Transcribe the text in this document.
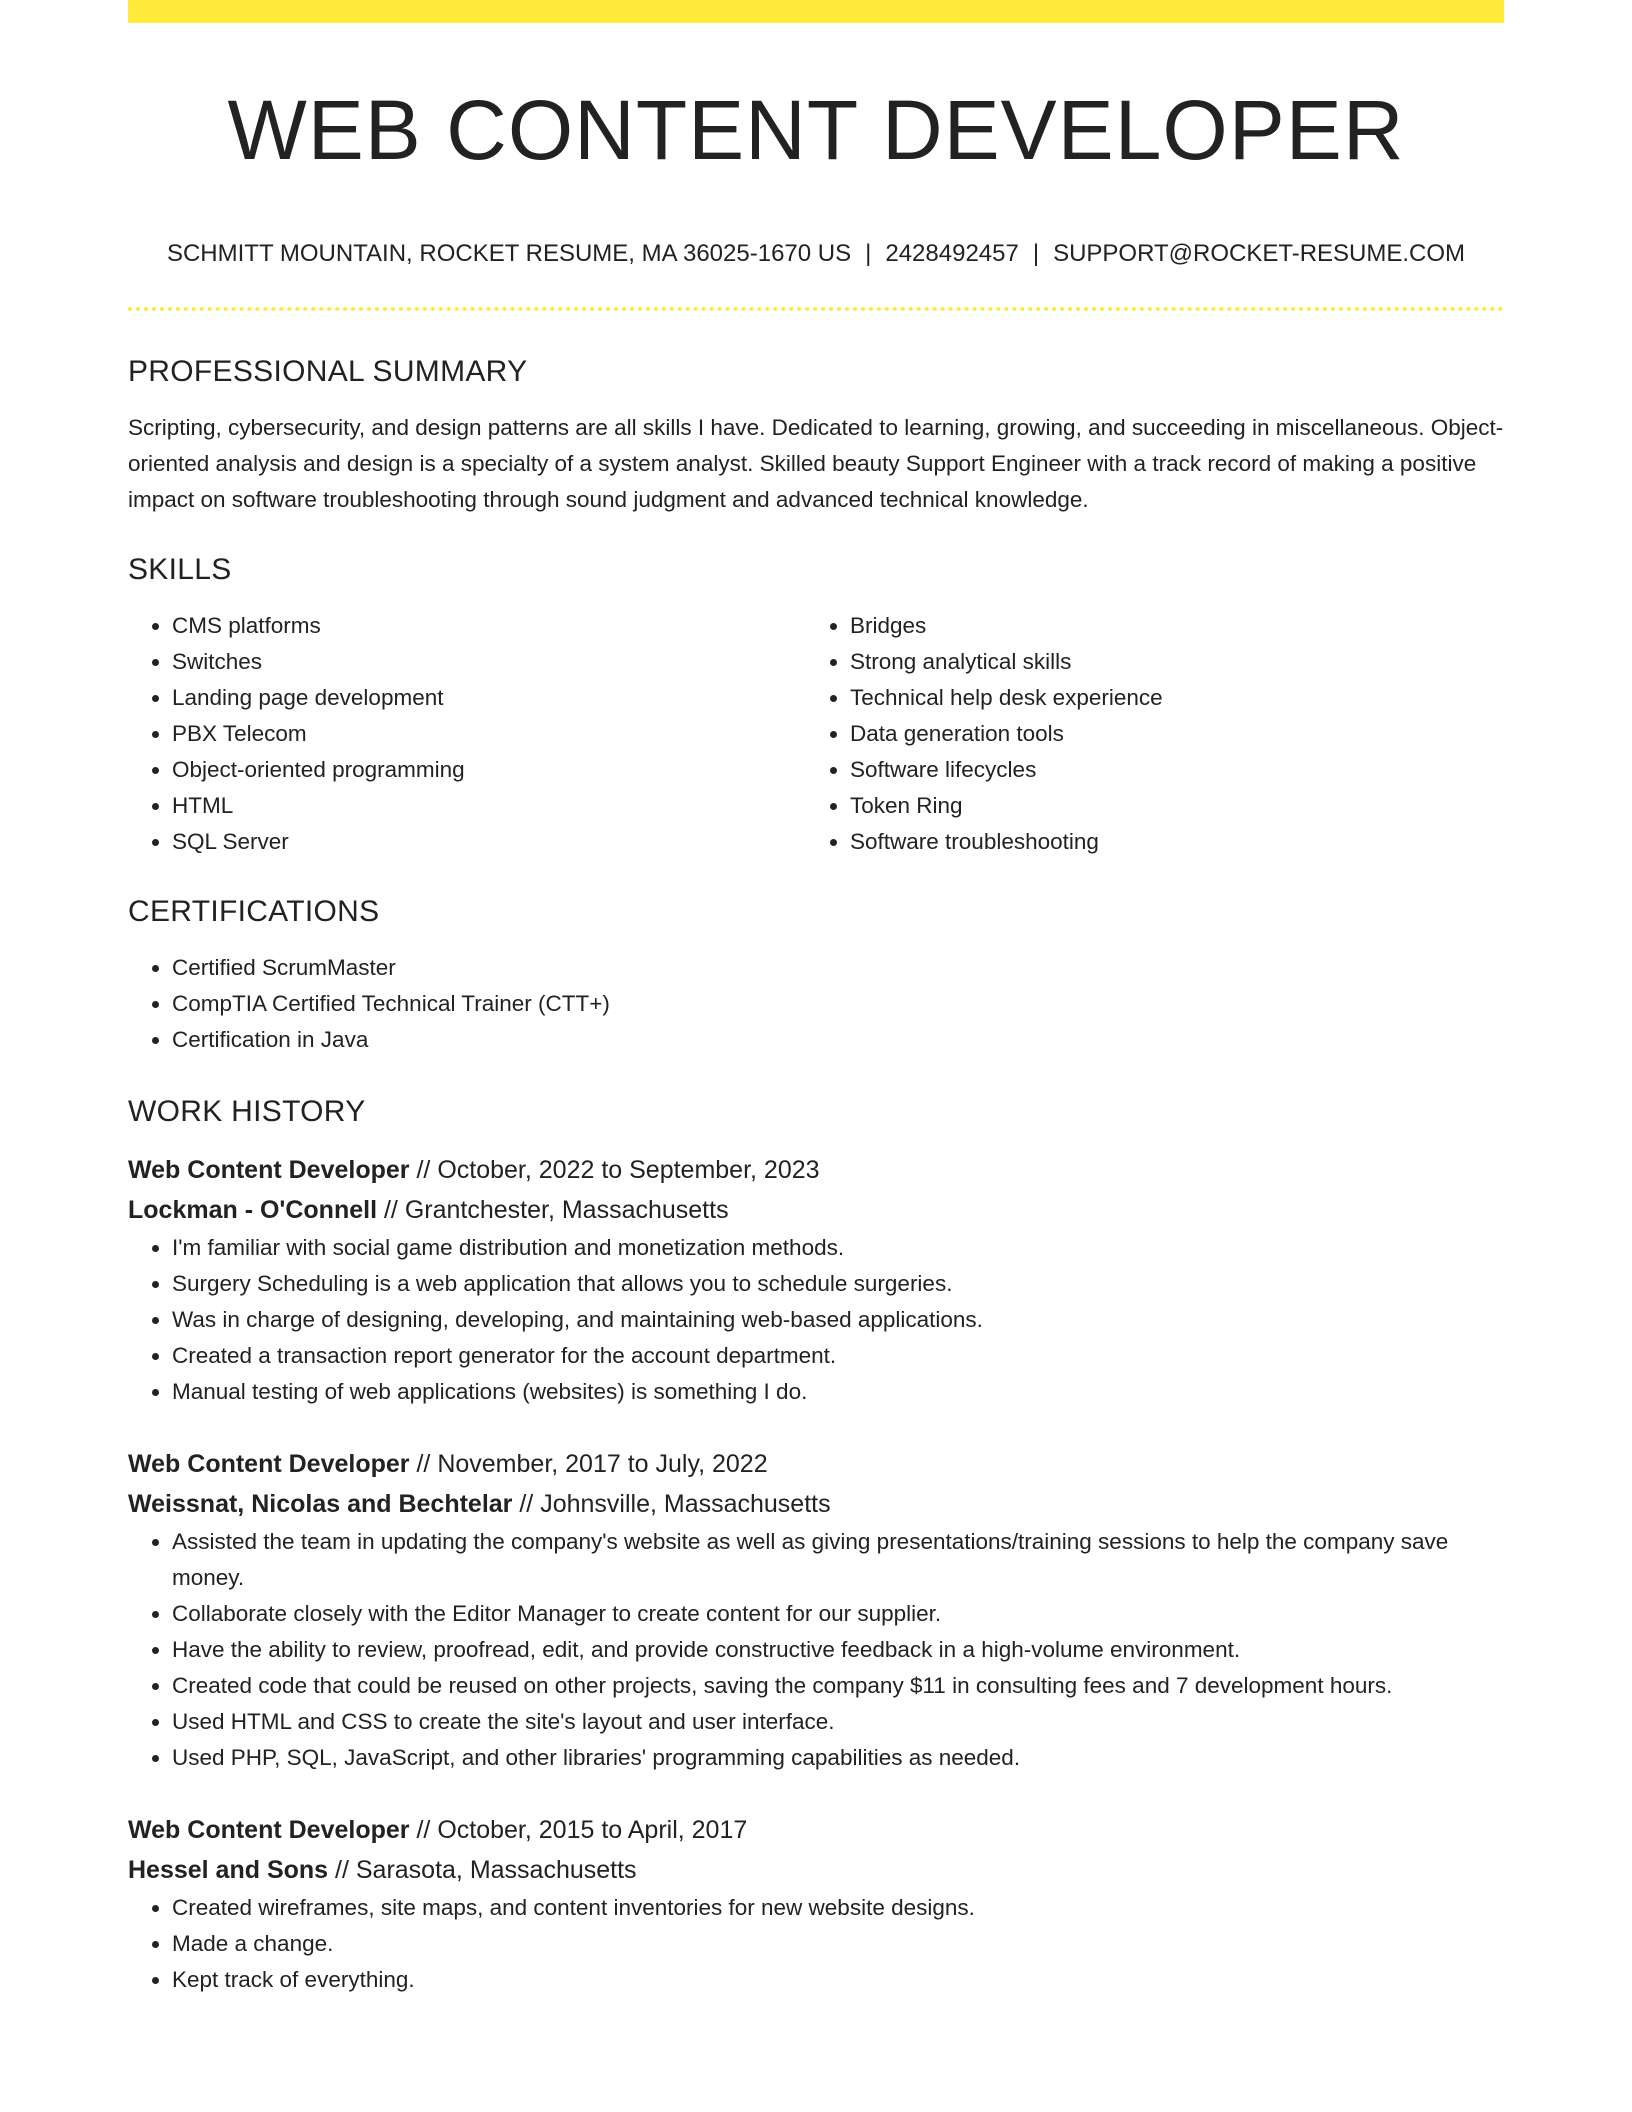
WEB CONTENT DEVELOPER
SCHMITT MOUNTAIN, ROCKET RESUME, MA 36025-1670 US | 2428492457 | SUPPORT@ROCKET-RESUME.COM
PROFESSIONAL SUMMARY

Scripting, cybersecurity, and design patterns are all skills I have. Dedicated to learning, growing, and succeeding in miscellaneous. Object-oriented analysis and design is a specialty of a system analyst. Skilled beauty Support Engineer with a track record of making a positive impact on software troubleshooting through sound judgment and advanced technical knowledge.

SKILLS
• CMS platforms
• Switches
• Landing page development
• PBX Telecom
• Object-oriented programming
• HTML
• SQL Server
• Bridges
• Strong analytical skills
• Technical help desk experience
• Data generation tools
• Software lifecycles
• Token Ring
• Software troubleshooting
CERTIFICATIONS
• Certified ScrumMaster
• CompTIA Certified Technical Trainer (CTT+)
• Certification in Java
WORK HISTORY
Web Content Developer // October, 2022 to September, 2023
Lockman - O'Connell // Grantchester, Massachusetts
• I'm familiar with social game distribution and monetization methods.
• Surgery Scheduling is a web application that allows you to schedule surgeries.
• Was in charge of designing, developing, and maintaining web-based applications.
• Created a transaction report generator for the account department.
• Manual testing of web applications (websites) is something I do.
Web Content Developer // November, 2017 to July, 2022
Weissnat, Nicolas and Bechtelar // Johnsville, Massachusetts
• Assisted the team in updating the company's website as well as giving presentations/training sessions to help the company save money.
• Collaborate closely with the Editor Manager to create content for our supplier.
• Have the ability to review, proofread, edit, and provide constructive feedback in a high-volume environment.
• Created code that could be reused on other projects, saving the company $11 in consulting fees and 7 development hours.
• Used HTML and CSS to create the site's layout and user interface.
• Used PHP, SQL, JavaScript, and other libraries' programming capabilities as needed.
Web Content Developer // October, 2015 to April, 2017
Hessel and Sons // Sarasota, Massachusetts
• Created wireframes, site maps, and content inventories for new website designs.
• Made a change.
• Kept track of everything.
